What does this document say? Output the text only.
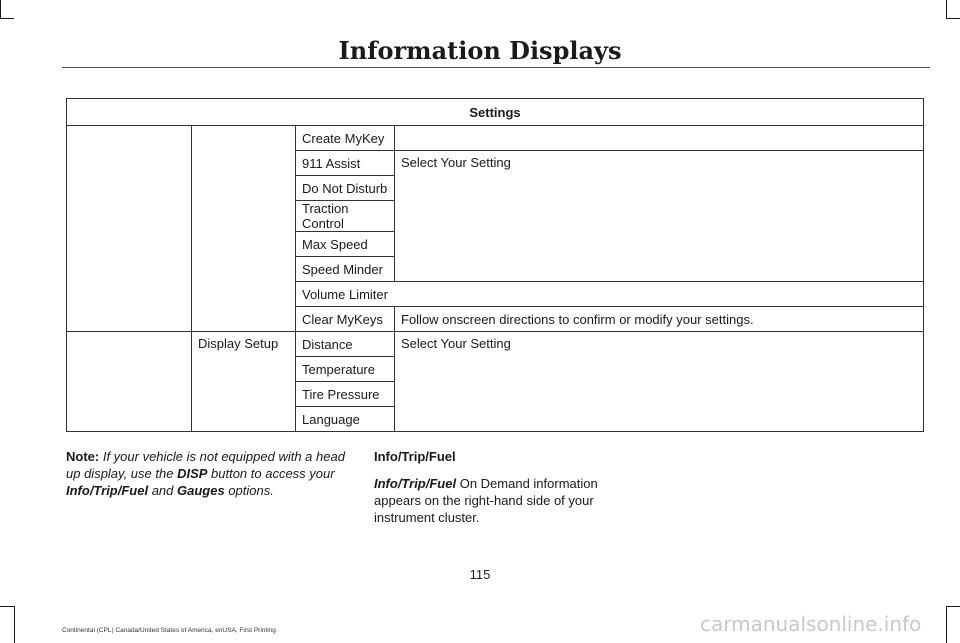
Information Displays
Settings			
		Create MyKey	
		911 Assist	Select Your Setting
		Do Not Disturb	
		Traction Control	
		Max Speed	
		Speed Minder	
		Volume Limiter	
		Clear MyKeys	Follow onscreen directions to confirm or modify your settings.
	Display Setup	Distance	Select Your Setting
		Temperature	
		Tire Pressure	
		Language	
Note: If your vehicle is not equipped with a head up display, use the DISP button to access your Info/Trip/Fuel and Gauges options.
Info/Trip/Fuel
Info/Trip/Fuel On Demand information appears on the right-hand side of your instrument cluster.
115
Continental (CPL) Canada/United States of America, enUSA, First Printing	carmanualsonline.info
